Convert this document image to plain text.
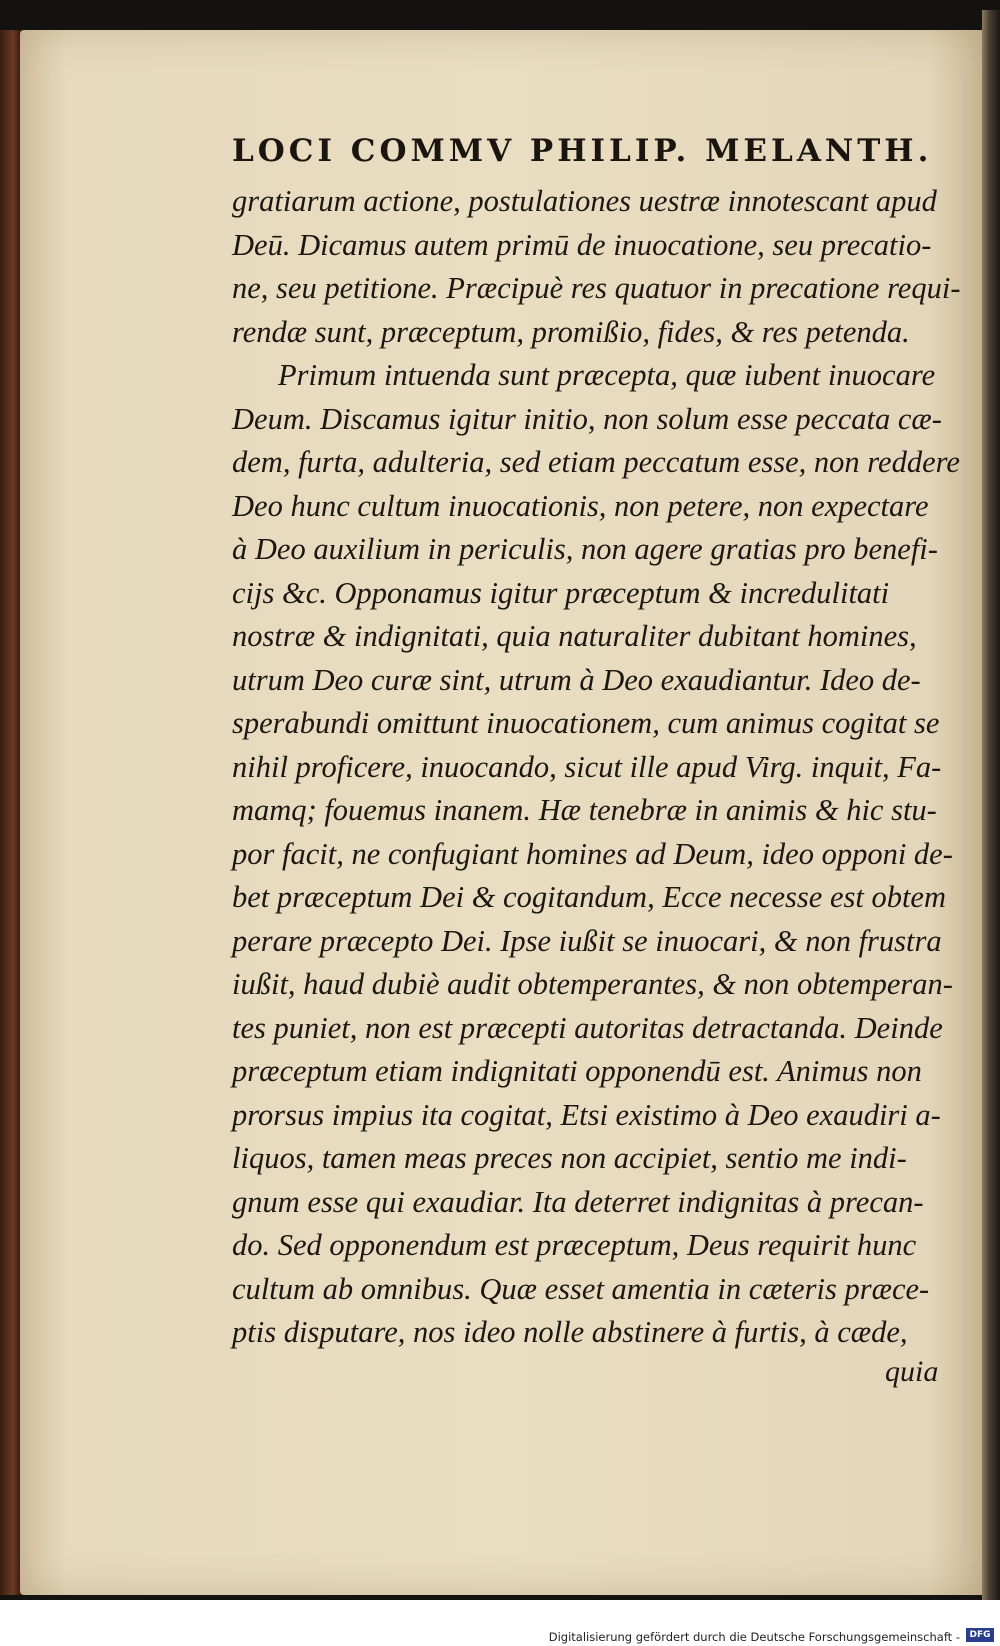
LOCI COMMV PHILIP. MELANTH.
gratiarum actione, postulationes uestræ innotescant apud
Deū. Dicamus autem primū de inuocatione, seu precatio-
ne, seu petitione. Præcipuè res quatuor in precatione requi-
rendæ sunt, præceptum, promißio, fides, & res petenda.
Primum intuenda sunt præcepta, quæ iubent inuocare
Deum. Discamus igitur initio, non solum esse peccata cæ-
dem, furta, adulteria, sed etiam peccatum esse, non reddere
Deo hunc cultum inuocationis, non petere, non expectare
à Deo auxilium in periculis, non agere gratias pro benefi-
cijs &c. Opponamus igitur præceptum & incredulitati
nostræ & indignitati, quia naturaliter dubitant homines,
utrum Deo curæ sint, utrum à Deo exaudiantur. Ideo de-
sperabundi omittunt inuocationem, cum animus cogitat se
nihil proficere, inuocando, sicut ille apud Virg. inquit, Fa-
mamq; fouemus inanem. Hæ tenebræ in animis & hic stu-
por facit, ne confugiant homines ad Deum, ideo opponi de-
bet præceptum Dei & cogitandum, Ecce necesse est obtem
perare præcepto Dei. Ipse iußit se inuocari, & non frustra
iußit, haud dubiè audit obtemperantes, & non obtemperan-
tes puniet, non est præcepti autoritas detractanda. Deinde
præceptum etiam indignitati opponendū est. Animus non
prorsus impius ita cogitat, Etsi existimo à Deo exaudiri a-
liquos, tamen meas preces non accipiet, sentio me indi-
gnum esse qui exaudiar. Ita deterret indignitas à precan-
do. Sed opponendum est præceptum, Deus requirit hunc
cultum ab omnibus. Quæ esset amentia in cæteris præce-
ptis disputare, nos ideo nolle abstinere à furtis, à cæde,
quia
Digitalisierung gefördert durch die Deutsche Forschungsgemeinschaft -	DFG
